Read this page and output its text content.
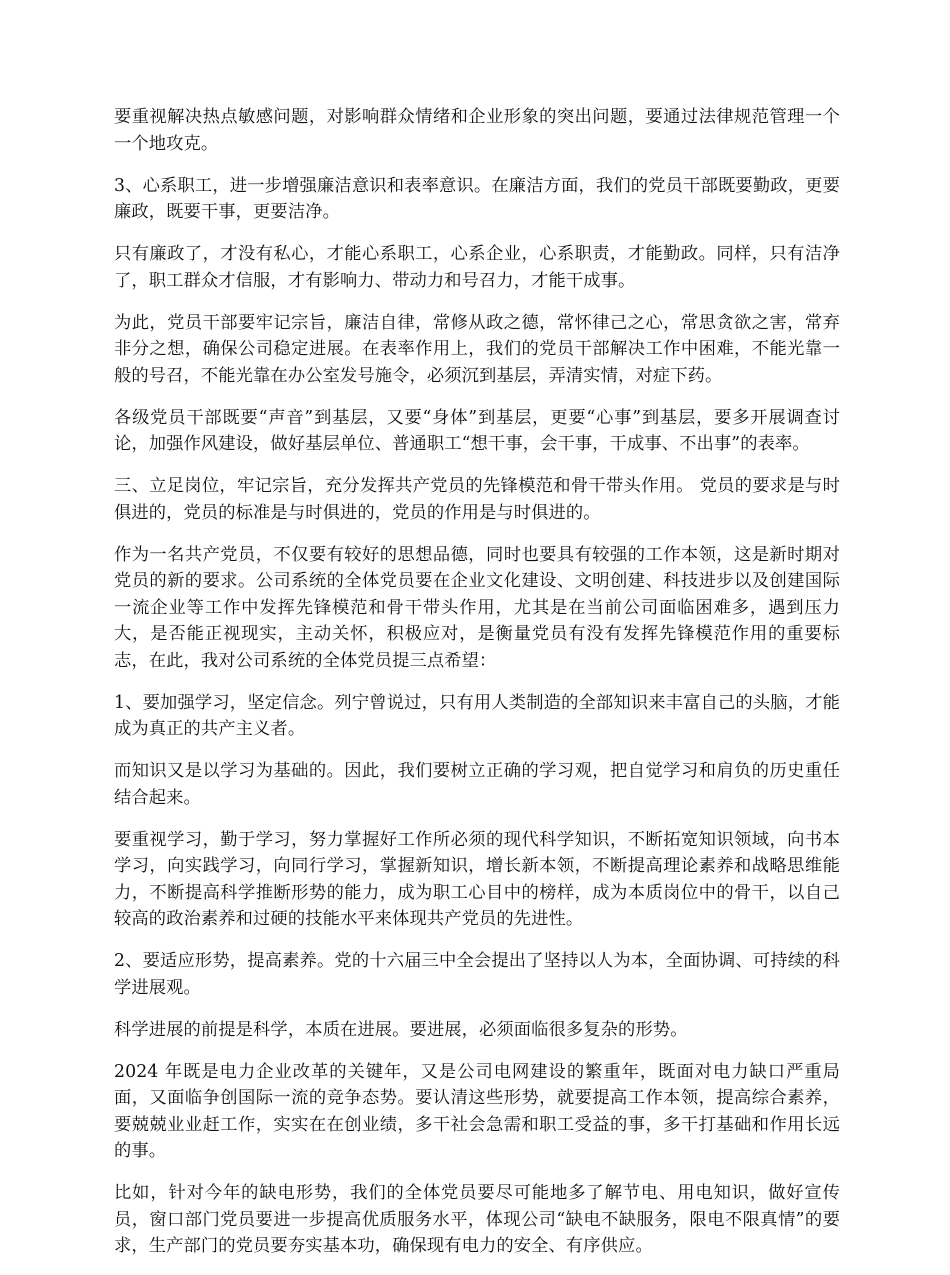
要重视解决热点敏感问题，对影响群众情绪和企业形象的突出问题，要通过法律规范管理一个一个地攻克。

3、心系职工，进一步增强廉洁意识和表率意识。在廉洁方面，我们的党员干部既要勤政，更要廉政，既要干事，更要洁净。

只有廉政了，才没有私心，才能心系职工，心系企业，心系职责，才能勤政。同样，只有洁净了，职工群众才信服，才有影响力、带动力和号召力，才能干成事。

为此，党员干部要牢记宗旨，廉洁自律，常修从政之德，常怀律己之心，常思贪欲之害，常弃非分之想，确保公司稳定进展。在表率作用上，我们的党员干部解决工作中困难，不能光靠一般的号召，不能光靠在办公室发号施令，必须沉到基层，弄清实情，对症下药。

各级党员干部既要“声音”到基层，又要“身体”到基层，更要“心事”到基层，要多开展调查讨论，加强作风建设，做好基层单位、普通职工“想干事，会干事，干成事、不出事”的表率。

三、立足岗位，牢记宗旨，充分发挥共产党员的先锋模范和骨干带头作用。 党员的要求是与时俱进的，党员的标准是与时俱进的，党员的作用是与时俱进的。

作为一名共产党员，不仅要有较好的思想品德，同时也要具有较强的工作本领，这是新时期对党员的新的要求。公司系统的全体党员要在企业文化建设、文明创建、科技进步以及创建国际一流企业等工作中发挥先锋模范和骨干带头作用，尤其是在当前公司面临困难多，遇到压力大，是否能正视现实，主动关怀，积极应对，是衡量党员有没有发挥先锋模范作用的重要标志，在此，我对公司系统的全体党员提三点希望：

1、要加强学习，坚定信念。列宁曾说过，只有用人类制造的全部知识来丰富自己的头脑，才能成为真正的共产主义者。

而知识又是以学习为基础的。因此，我们要树立正确的学习观，把自觉学习和肩负的历史重任结合起来。

要重视学习，勤于学习，努力掌握好工作所必须的现代科学知识，不断拓宽知识领域，向书本学习，向实践学习，向同行学习，掌握新知识，增长新本领，不断提高理论素养和战略思维能力，不断提高科学推断形势的能力，成为职工心目中的榜样，成为本质岗位中的骨干，以自己较高的政治素养和过硬的技能水平来体现共产党员的先进性。

2、要适应形势，提高素养。党的十六届三中全会提出了坚持以人为本，全面协调、可持续的科学进展观。

科学进展的前提是科学，本质在进展。要进展，必须面临很多复杂的形势。

2024 年既是电力企业改革的关键年，又是公司电网建设的繁重年，既面对电力缺口严重局面，又面临争创国际一流的竞争态势。要认清这些形势，就要提高工作本领，提高综合素养，要兢兢业业赶工作，实实在在创业绩，多干社会急需和职工受益的事，多干打基础和作用长远的事。

比如，针对今年的缺电形势，我们的全体党员要尽可能地多了解节电、用电知识，做好宣传员，窗口部门党员要进一步提高优质服务水平，体现公司“缺电不缺服务，限电不限真情”的要求，生产部门的党员要夯实基本功，确保现有电力的安全、有序供应。
